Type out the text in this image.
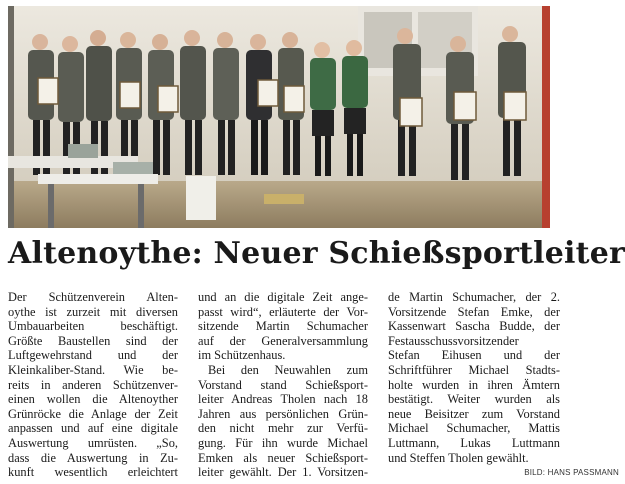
Altenoythe: Neuer Schießsportleiter
Der Schützenverein Alten-
oythe ist zurzeit mit diversen
Umbauarbeiten beschäftigt.
Größte Baustellen sind der
Luftgewehrstand und der
Kleinkaliber-Stand. Wie be-
reits in anderen Schützenver-
einen wollen die Altenoyther
Grünröcke die Anlage der Zeit
anpassen und auf eine digitale
Auswertung umrüsten. „So,
dass die Auswertung in Zu-
kunft wesentlich erleichtert
und an die digitale Zeit ange-
passt wird“, erläuterte der Vor-
sitzende Martin Schumacher
auf der Generalversammlung
im Schützenhaus.
Bei den Neuwahlen zum
Vorstand stand Schießsport-
leiter Andreas Tholen nach 18
Jahren aus persönlichen Grün-
den nicht mehr zur Verfü-
gung. Für ihn wurde Michael
Emken als neuer Schießsport-
leiter gewählt. Der 1. Vorsitzen-
de Martin Schumacher, der 2.
Vorsitzende Stefan Emke, der
Kassenwart Sascha Budde, der
Festausschussvorsitzender
Stefan Eihusen und der
Schriftführer Michael Stadts-
holte wurden in ihren Ämtern
bestätigt. Weiter wurden als
neue Beisitzer zum Vorstand
Michael Schumacher, Mattis
Luttmann, Lukas Luttmann
und Steffen Tholen gewählt.
BILD: HANS PASSMANN
